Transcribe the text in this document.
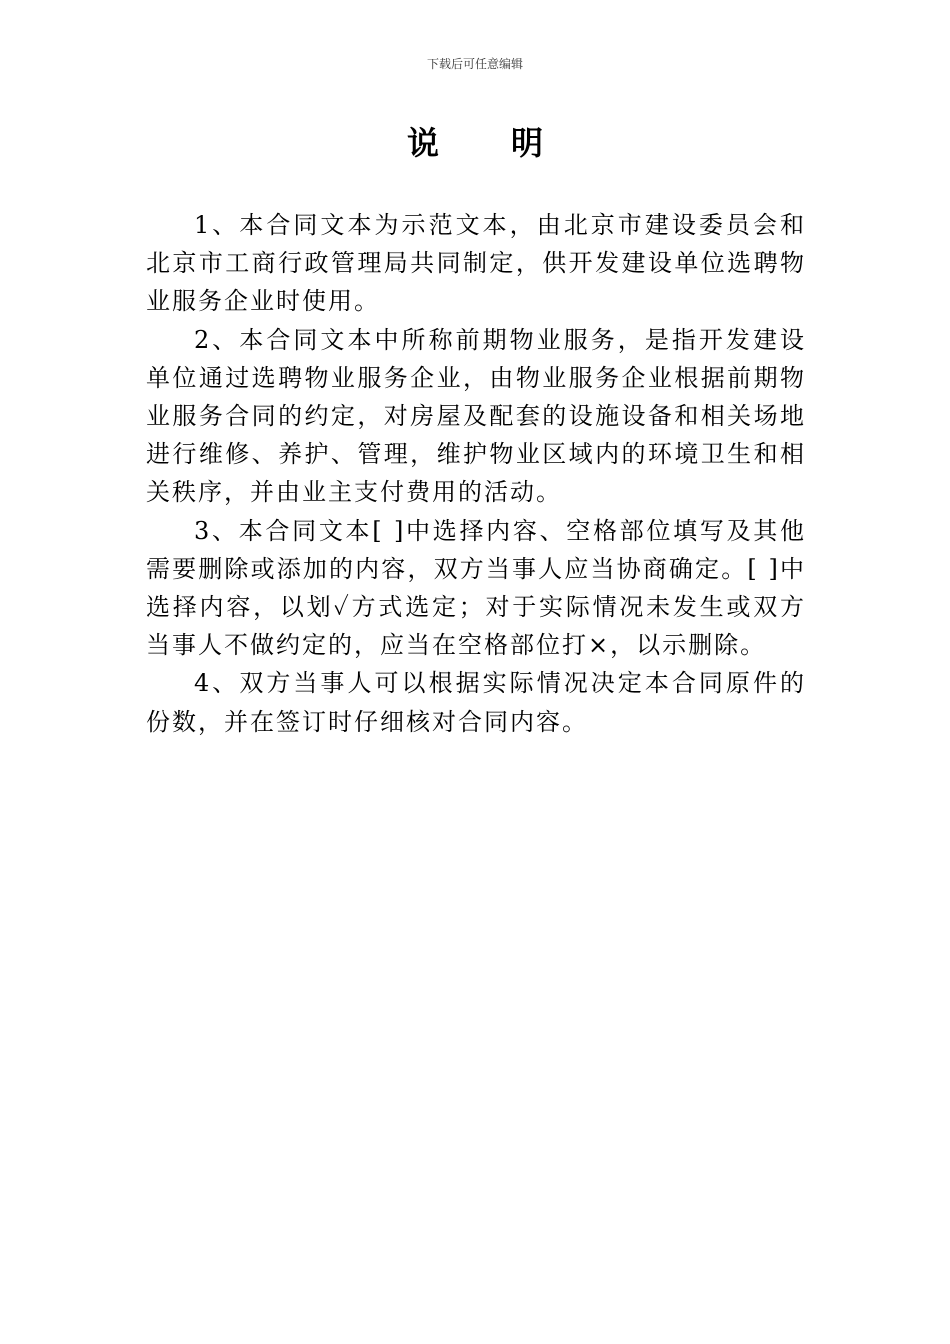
下载后可任意编辑
说明

1、本合同文本为示范文本，由北京市建设委员会和北京市工商行政管理局共同制定，供开发建设单位选聘物业服务企业时使用。

2、本合同文本中所称前期物业服务，是指开发建设单位通过选聘物业服务企业，由物业服务企业根据前期物业服务合同的约定，对房屋及配套的设施设备和相关场地进行维修、养护、管理，维护物业区域内的环境卫生和相关秩序，并由业主支付费用的活动。

3、本合同文本[ ]中选择内容、空格部位填写及其他需要删除或添加的内容，双方当事人应当协商确定。[ ]中选择内容，以划✓方式选定；对于实际情况未发生或双方当事人不做约定的，应当在空格部位打×，以示删除。

4、双方当事人可以根据实际情况决定本合同原件的份数，并在签订时仔细核对合同内容。
